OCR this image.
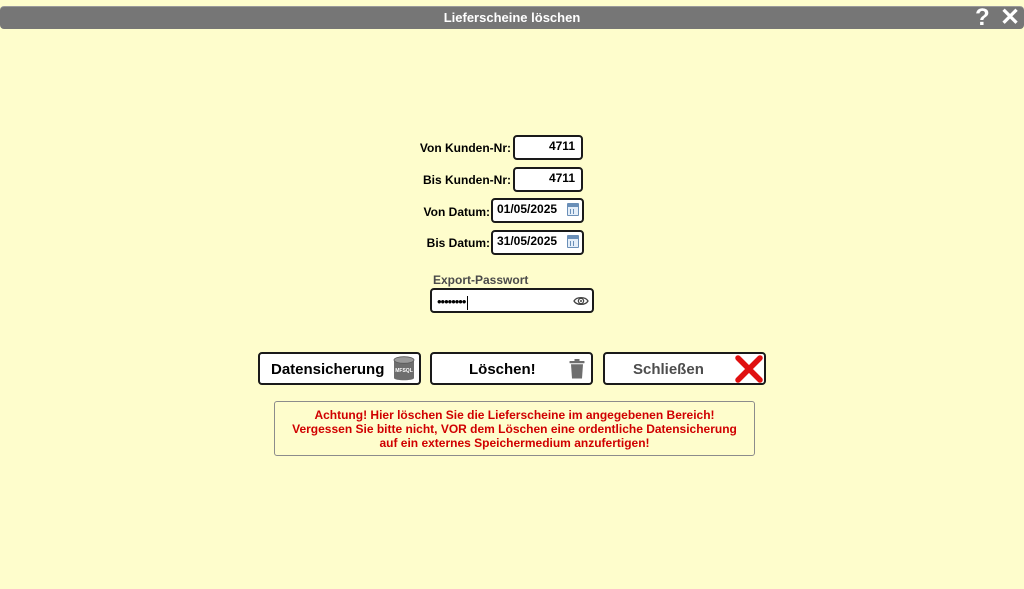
Lieferscheine löschen	? ✕
Von Kunden-Nr:	4711
Bis Kunden-Nr:	4711
Von Datum: 01/05/2025
Bis Datum: 31/05/2025
Export-Passwort
••••••••
Datensicherung MFSQL	Löschen!	Schließen
Achtung! Hier löschen Sie die Lieferscheine im angegebenen Bereich! Vergessen Sie bitte nicht, VOR dem Löschen eine ordentliche Datensicherung auf ein externes Speichermedium anzufertigen!
